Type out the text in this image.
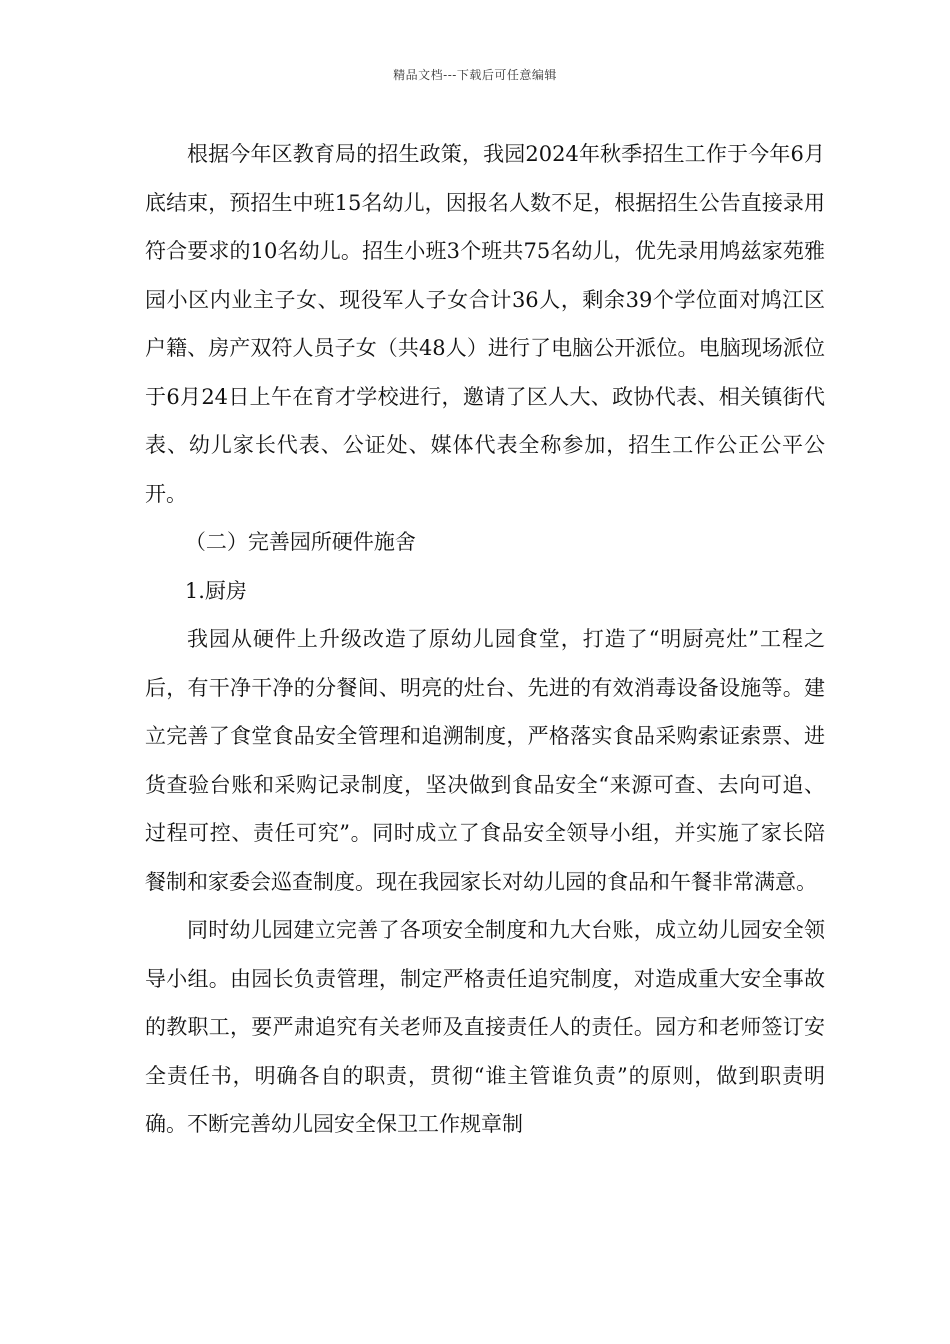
精品文档---下载后可任意编辑

根据今年区教育局的招生政策，我园2024年秋季招生工作于今年6月底结束，预招生中班15名幼儿，因报名人数不足，根据招生公告直接录用符合要求的10名幼儿。招生小班3个班共75名幼儿，优先录用鸠兹家苑雅园小区内业主子女、现役军人子女合计36人，剩余39个学位面对鸠江区户籍、房产双符人员子女（共48人）进行了电脑公开派位。电脑现场派位于6月24日上午在育才学校进行，邀请了区人大、政协代表、相关镇街代表、幼儿家长代表、公证处、媒体代表全称参加，招生工作公正公平公开。

（二）完善园所硬件施舍

1.厨房

我园从硬件上升级改造了原幼儿园食堂，打造了“明厨亮灶”工程之后，有干净干净的分餐间、明亮的灶台、先进的有效消毒设备设施等。建立完善了食堂食品安全管理和追溯制度，严格落实食品采购索证索票、进货查验台账和采购记录制度，坚决做到食品安全“来源可查、去向可追、过程可控、责任可究”。同时成立了食品安全领导小组，并实施了家长陪餐制和家委会巡查制度。现在我园家长对幼儿园的食品和午餐非常满意。

同时幼儿园建立完善了各项安全制度和九大台账，成立幼儿园安全领导小组。由园长负责管理，制定严格责任追究制度，对造成重大安全事故的教职工，要严肃追究有关老师及直接责任人的责任。园方和老师签订安全责任书，明确各自的职责，贯彻“谁主管谁负责”的原则，做到职责明确。不断完善幼儿园安全保卫工作规章制
